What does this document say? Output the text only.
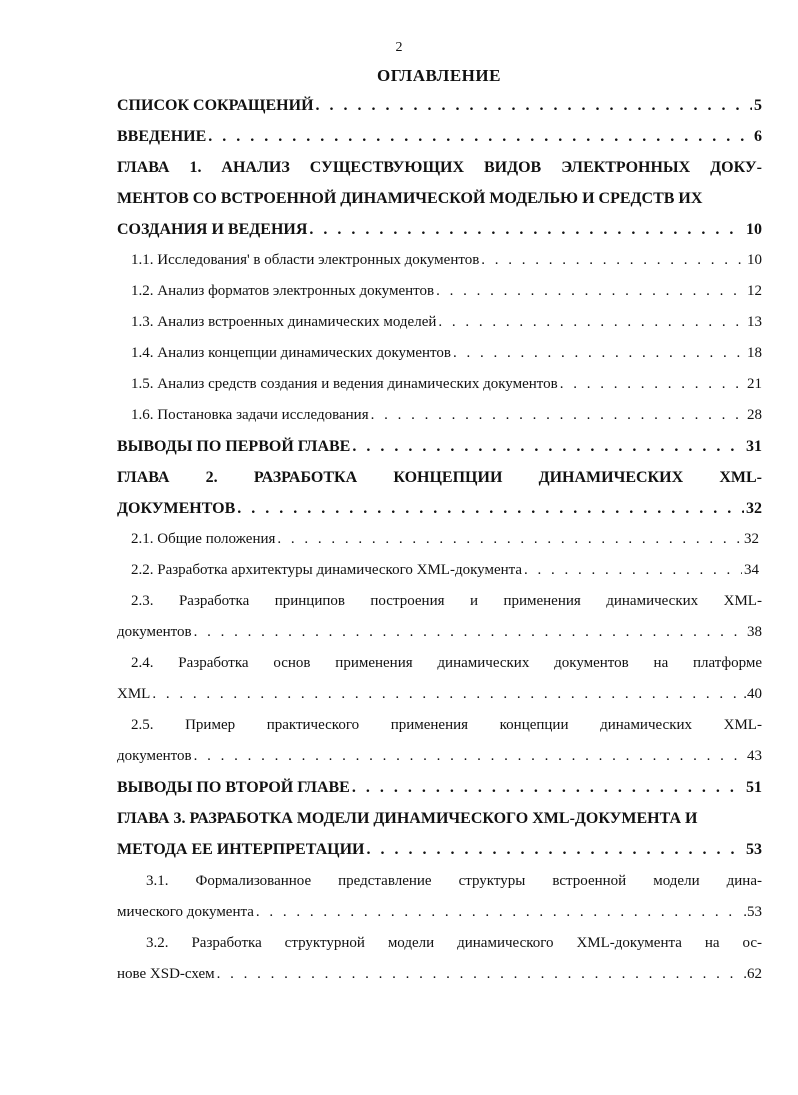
2
ОГЛАВЛЕНИЕ
СПИСОК СОКРАЩЕНИЙ . . .	5
ВВЕДЕНИЕ . . .	6
ГЛАВА 1. АНАЛИЗ СУЩЕСТВУЮЩИХ ВИДОВ ЭЛЕКТРОННЫХ ДОКУ-
МЕНТОВ СО ВСТРОЕННОЙ ДИНАМИЧЕСКОЙ МОДЕЛЬЮ И СРЕДСТВ ИХ
СОЗДАНИЯ И ВЕДЕНИЯ . . .	10
1.1. Исследования' в области электронных документов . . .	10
1.2. Анализ форматов электронных документов . . .	12
1.3. Анализ встроенных динамических моделей . . .	13
1.4. Анализ концепции динамических документов . . .	18
1.5. Анализ средств создания и ведения динамических документов . . .	21
1.6. Постановка задачи исследования . . .	28
ВЫВОДЫ ПО ПЕРВОЙ ГЛАВЕ . . .	31
ГЛАВА 2. РАЗРАБОТКА КОНЦЕПЦИИ ДИНАМИЧЕСКИХ XML-
ДОКУМЕНТОВ . . .	32
2.1. Общие положения . . .	32
2.2. Разработка архитектуры динамического XML-документа . . .	34
2.3. Разработка принципов построения и применения динамических XML-
документов . . .	38
2.4. Разработка основ применения динамических документов на платформе
XML . . .	.40
2.5. Пример практического применения концепции динамических XML-
документов . . .	43
ВЫВОДЫ ПО ВТОРОЙ ГЛАВЕ . . .	51
ГЛАВА 3. РАЗРАБОТКА МОДЕЛИ ДИНАМИЧЕСКОГО XML-ДОКУМЕНТА И
МЕТОДА ЕЕ ИНТЕРПРЕТАЦИИ . . .	53
3.1. Формализованное представление структуры встроенной модели дина-
мического документа . . .	.53
3.2. Разработка структурной модели динамического XML-документа на ос-
нове XSD-схем . . .	.62
